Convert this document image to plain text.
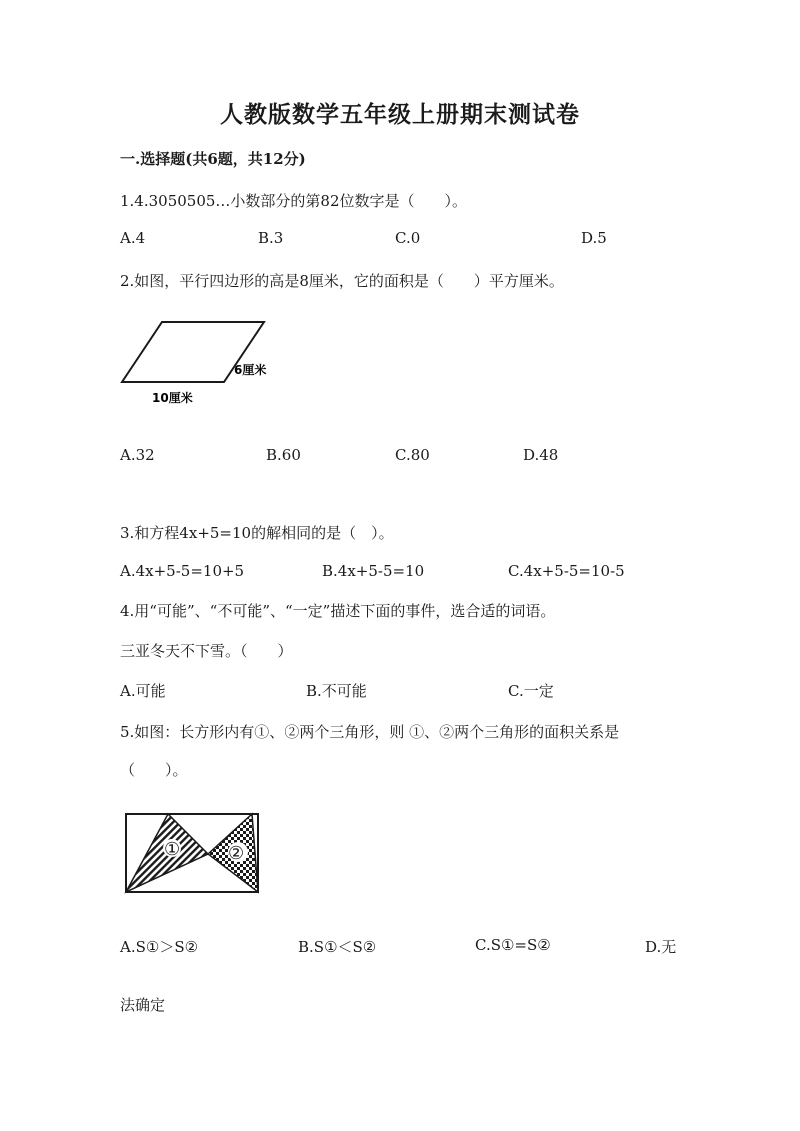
人教版数学五年级上册期末测试卷
一.选择题(共6题，共12分)
1.4.3050505…小数部分的第82位数字是（　　）。
A.4	B.3	C.0	D.5
2.如图，平行四边形的高是8厘米，它的面积是（　　）平方厘米。
6厘米
10厘米
A.32	B.60	C.80	D.48
3.和方程4x+5=10的解相同的是（　）。
A.4x+5-5=10+5	B.4x+5-5=10	C.4x+5-5=10-5
4.用“可能”、“不可能”、“一定”描述下面的事件，选合适的词语。
三亚冬天不下雪。（　　）
A.可能	B.不可能	C.一定
5.如图：长方形内有①、②两个三角形，则 ①、②两个三角形的面积关系是
（　　）。
①	②
A.S①＞S②	B.S①＜S②	C.S①=S②	D.无
法确定
